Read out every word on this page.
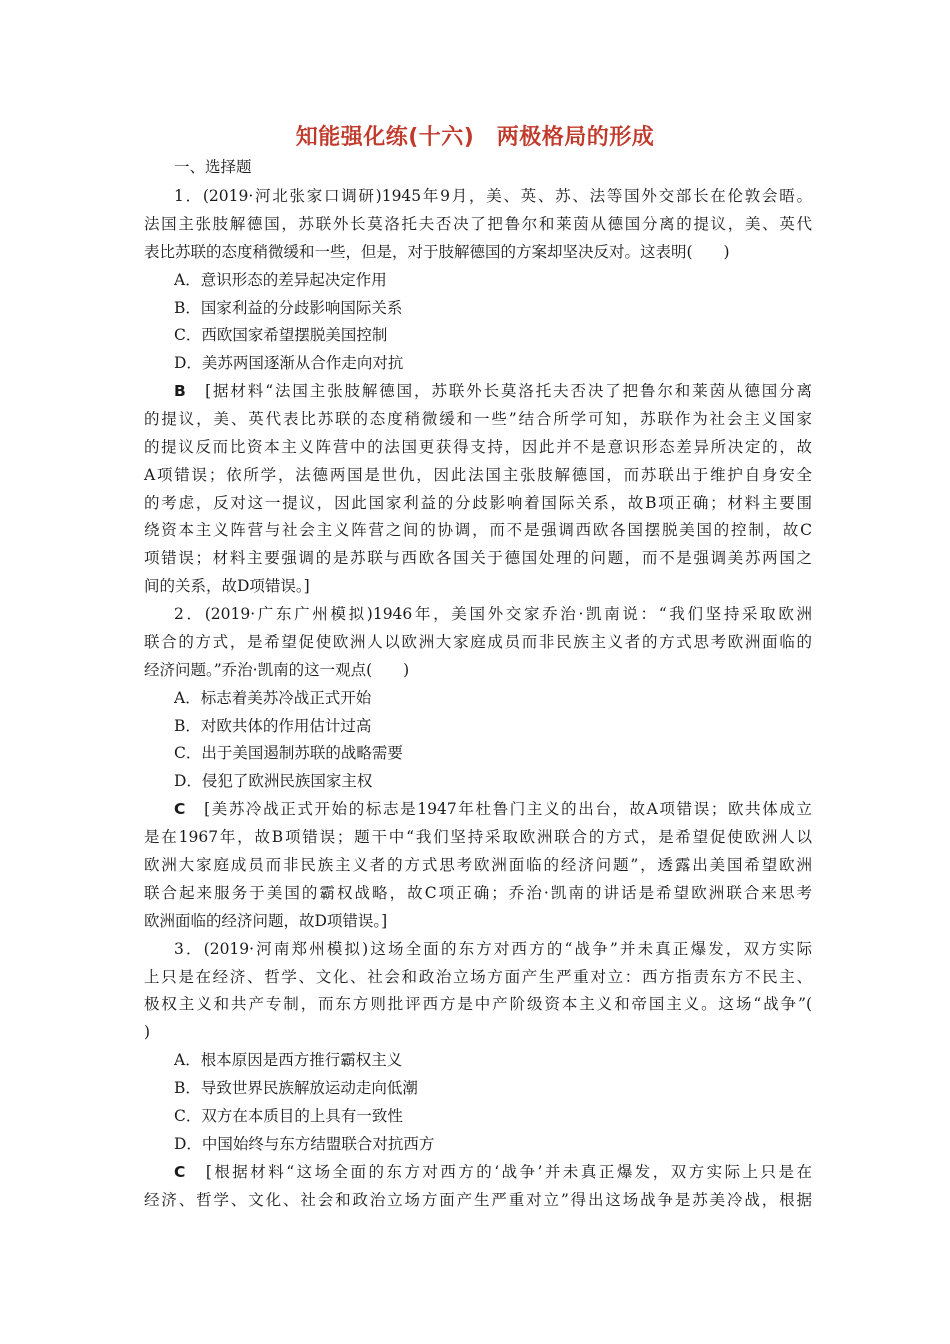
知能强化练(十六)　两极格局的形成
一、选择题
1．(2019·河北张家口调研)1945年9月，美、英、苏、法等国外交部长在伦敦会晤。
法国主张肢解德国，苏联外长莫洛托夫否决了把鲁尔和莱茵从德国分离的提议，美、英代
表比苏联的态度稍微缓和一些，但是，对于肢解德国的方案却坚决反对。这表明(　　)
A．意识形态的差异起决定作用
B．国家利益的分歧影响国际关系
C．西欧国家希望摆脱美国控制
D．美苏两国逐渐从合作走向对抗
B　 [据材料“法国主张肢解德国，苏联外长莫洛托夫否决了把鲁尔和莱茵从德国分离
的提议，美、英代表比苏联的态度稍微缓和一些”结合所学可知，苏联作为社会主义国家
的提议反而比资本主义阵营中的法国更获得支持，因此并不是意识形态差异所决定的，故
A项错误；依所学，法德两国是世仇，因此法国主张肢解德国，而苏联出于维护自身安全
的考虑，反对这一提议，因此国家利益的分歧影响着国际关系，故B项正确；材料主要围
绕资本主义阵营与社会主义阵营之间的协调，而不是强调西欧各国摆脱美国的控制，故C
项错误；材料主要强调的是苏联与西欧各国关于德国处理的问题，而不是强调美苏两国之
间的关系，故D项错误。]
2．(2019·广东广州模拟)1946年，美国外交家乔治·凯南说：“我们坚持采取欧洲
联合的方式，是希望促使欧洲人以欧洲大家庭成员而非民族主义者的方式思考欧洲面临的
经济问题。”乔治·凯南的这一观点(　　)
A．标志着美苏冷战正式开始
B．对欧共体的作用估计过高
C．出于美国遏制苏联的战略需要
D．侵犯了欧洲民族国家主权
C　 [美苏冷战正式开始的标志是1947年杜鲁门主义的出台，故A项错误；欧共体成立
是在1967年，故B项错误；题干中“我们坚持采取欧洲联合的方式，是希望促使欧洲人以
欧洲大家庭成员而非民族主义者的方式思考欧洲面临的经济问题”，透露出美国希望欧洲
联合起来服务于美国的霸权战略，故C项正确；乔治·凯南的讲话是希望欧洲联合来思考
欧洲面临的经济问题，故D项错误。]
3．(2019·河南郑州模拟)这场全面的东方对西方的“战争”并未真正爆发，双方实际
上只是在经济、哲学、文化、社会和政治立场方面产生严重对立：西方指责东方不民主、
极权主义和共产专制，而东方则批评西方是中产阶级资本主义和帝国主义。这场“战争”(
)
A．根本原因是西方推行霸权主义
B．导致世界民族解放运动走向低潮
C．双方在本质目的上具有一致性
D．中国始终与东方结盟联合对抗西方
C　 [根据材料“这场全面的东方对西方的‘战争’并未真正爆发，双方实际上只是在
经济、哲学、文化、社会和政治立场方面产生严重对立”得出这场战争是苏美冷战，根据
